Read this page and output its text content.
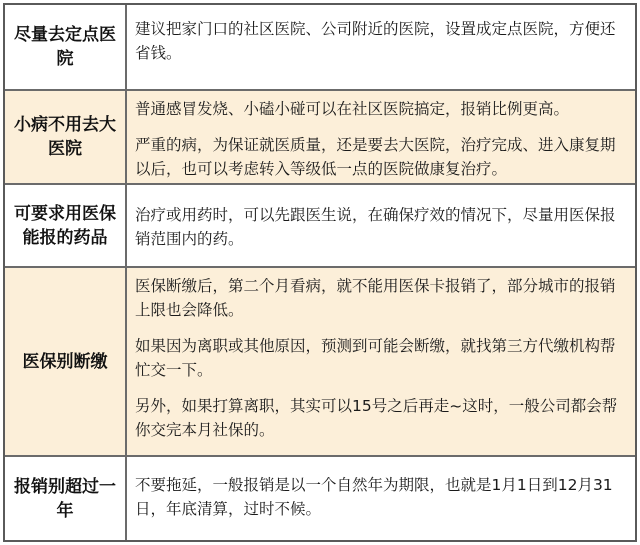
尽量去定点医院

建议把家门口的社区医院、公司附近的医院，设置成定点医院，方便还省钱。

小病不用去大医院

普通感冒发烧、小磕小碰可以在社区医院搞定，报销比例更高。

严重的病，为保证就医质量，还是要去大医院，治疗完成、进入康复期以后，也可以考虑转入等级低一点的医院做康复治疗。

可要求用医保能报的药品

治疗或用药时，可以先跟医生说，在确保疗效的情况下，尽量用医保报销范围内的药。

医保别断缴

医保断缴后，第二个月看病，就不能用医保卡报销了，部分城市的报销上限也会降低。

如果因为离职或其他原因，预测到可能会断缴，就找第三方代缴机构帮忙交一下。

另外，如果打算离职，其实可以15号之后再走~这时，一般公司都会帮你交完本月社保的。

报销别超过一年

不要拖延，一般报销是以一个自然年为期限，也就是1月1日到12月31日，年底清算，过时不候。
